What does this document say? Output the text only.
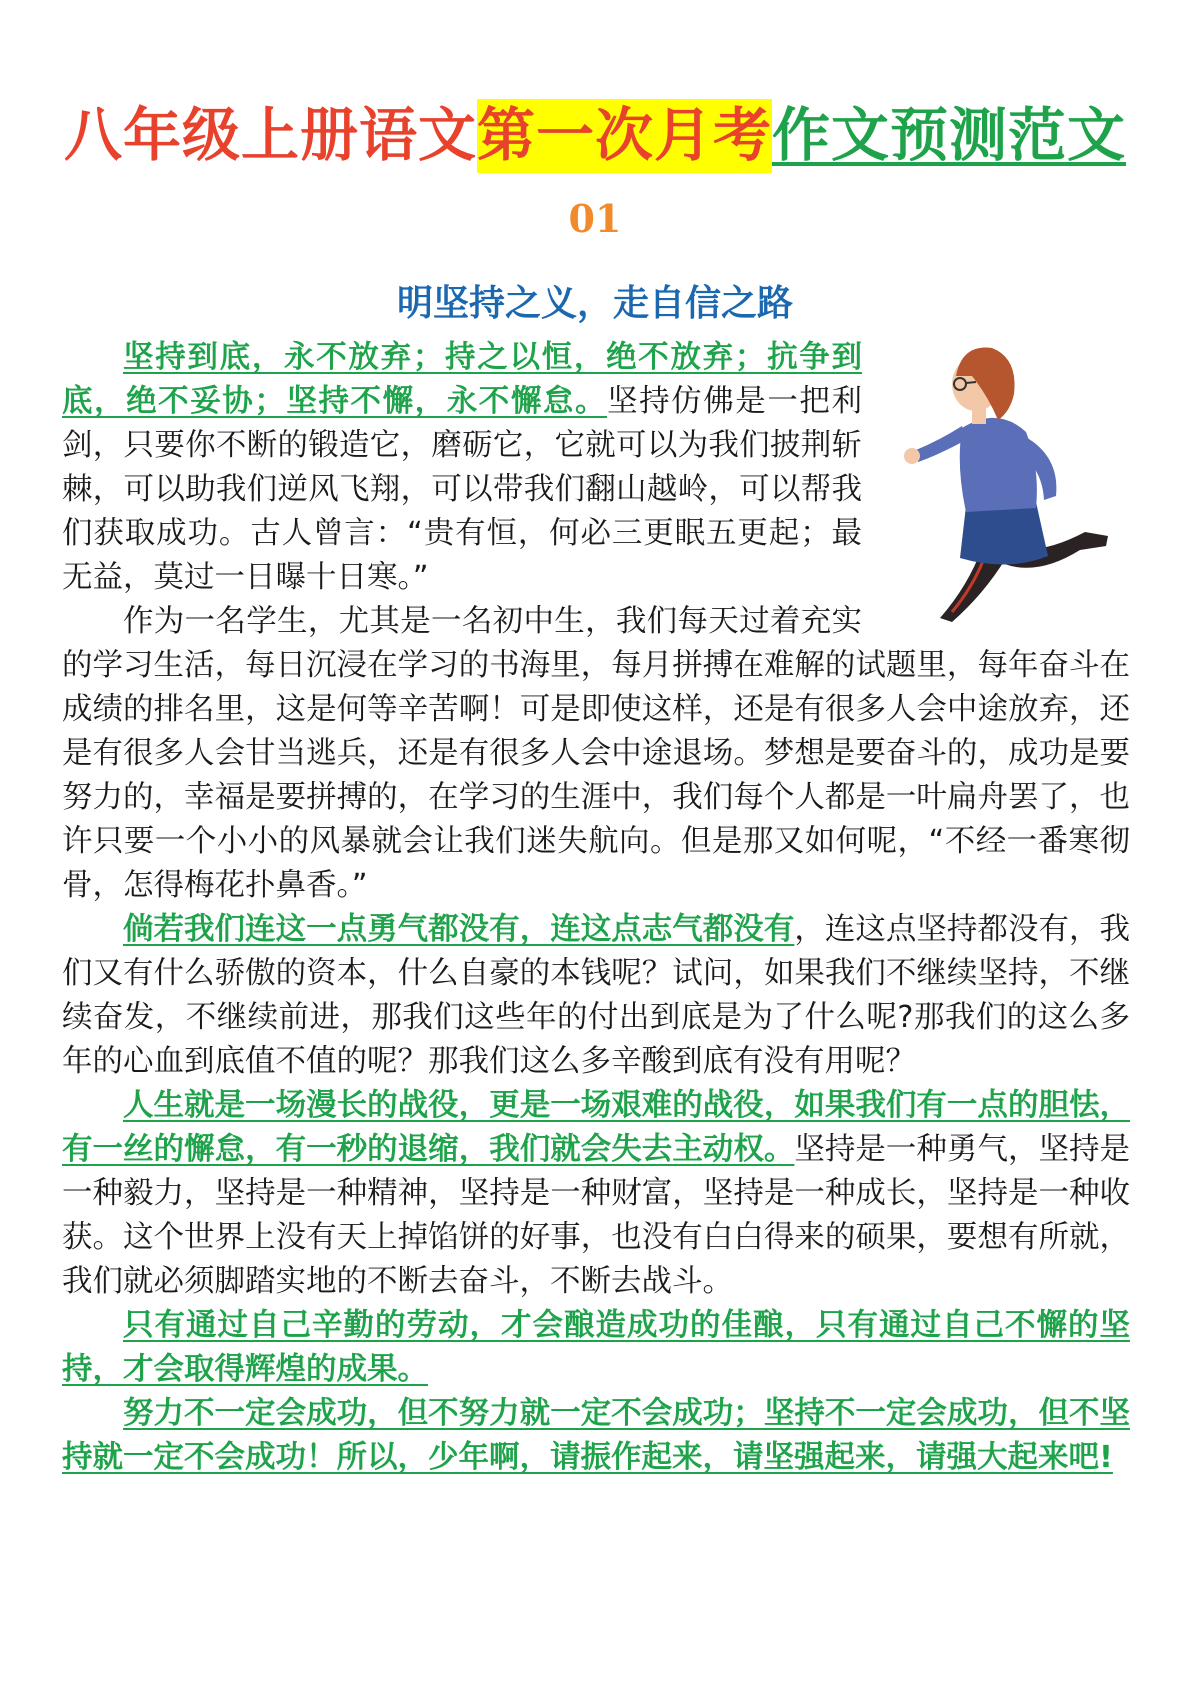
八年级上册语文第一次月考作文预测范文
01
明坚持之义，走自信之路

坚持到底，永不放弃；持之以恒，绝不放弃；抗争到底，绝不妥协；坚持不懈，永不懈怠。坚持仿佛是一把利剑，只要你不断的锻造它，磨砺它，它就可以为我们披荆斩棘，可以助我们逆风飞翔，可以带我们翻山越岭，可以帮我们获取成功。古人曾言：“贵有恒，何必三更眠五更起；最无益，莫过一日曝十日寒。”

作为一名学生，尤其是一名初中生，我们每天过着充实的学习生活，每日沉浸在学习的书海里，每月拼搏在难解的试题里，每年奋斗在成绩的排名里，这是何等辛苦啊！可是即使这样，还是有很多人会中途放弃，还是有很多人会甘当逃兵，还是有很多人会中途退场。梦想是要奋斗的，成功是要努力的，幸福是要拼搏的，在学习的生涯中，我们每个人都是一叶扁舟罢了，也许只要一个小小的风暴就会让我们迷失航向。但是那又如何呢，“不经一番寒彻骨，怎得梅花扑鼻香。”

倘若我们连这一点勇气都没有，连这点志气都没有，连这点坚持都没有，我们又有什么骄傲的资本，什么自豪的本钱呢？试问，如果我们不继续坚持，不继续奋发，不继续前进，那我们这些年的付出到底是为了什么呢?那我们的这么多年的心血到底值不值的呢？那我们这么多辛酸到底有没有用呢？

人生就是一场漫长的战役，更是一场艰难的战役，如果我们有一点的胆怯，有一丝的懈怠，有一秒的退缩，我们就会失去主动权。坚持是一种勇气，坚持是一种毅力，坚持是一种精神，坚持是一种财富，坚持是一种成长，坚持是一种收获。这个世界上没有天上掉馅饼的好事，也没有白白得来的硕果，要想有所就，我们就必须脚踏实地的不断去奋斗，不断去战斗。

只有通过自己辛勤的劳动，才会酿造成功的佳酿，只有通过自己不懈的坚持，才会取得辉煌的成果。

努力不一定会成功，但不努力就一定不会成功；坚持不一定会成功，但不坚持就一定不会成功！所以，少年啊，请振作起来，请坚强起来，请强大起来吧!
